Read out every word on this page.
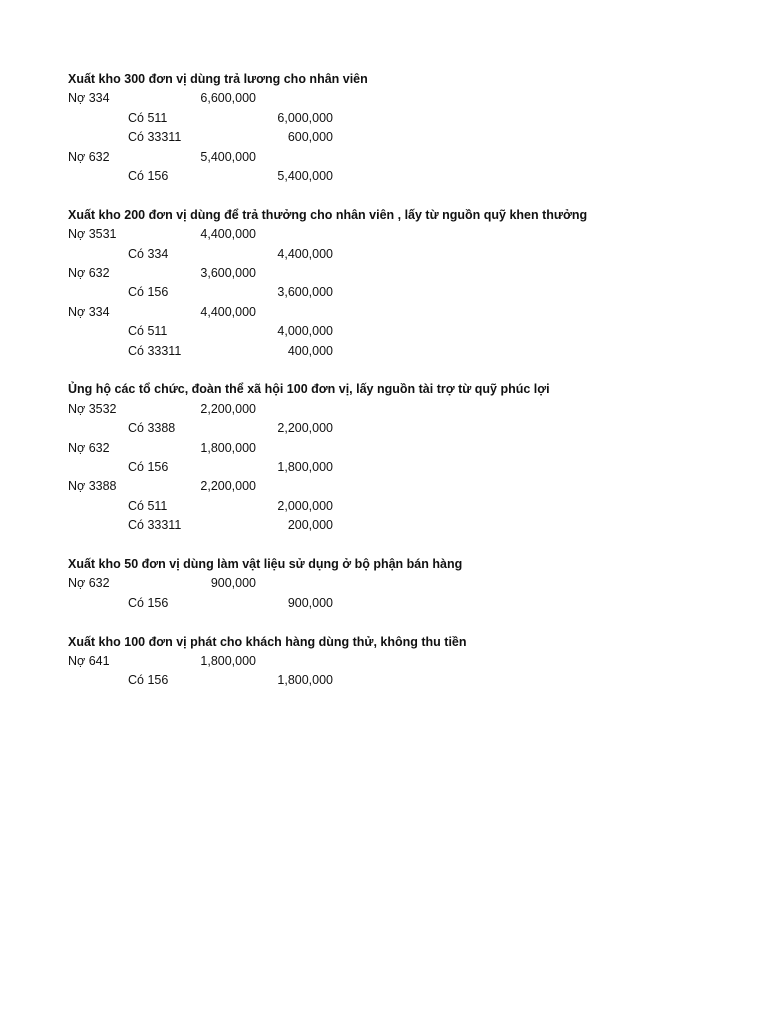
Xuất kho 300 đơn vị dùng trả lương cho nhân viên
Nợ 334	6,600,000
Có 511	6,000,000
Có 33311	600,000
Nợ 632	5,400,000
Có 156	5,400,000
Xuất kho 200 đơn vị dùng để trả thưởng cho nhân viên , lấy từ nguồn quỹ khen thưởng
Nợ 3531	4,400,000
Có 334	4,400,000
Nợ 632	3,600,000
Có 156	3,600,000
Nợ 334	4,400,000
Có 511	4,000,000
Có 33311	400,000
Ủng hộ các tổ chức, đoàn thể xã hội 100 đơn vị, lấy nguồn tài trợ từ quỹ phúc lợi
Nợ 3532	2,200,000
Có 3388	2,200,000
Nợ 632	1,800,000
Có 156	1,800,000
Nợ 3388	2,200,000
Có 511	2,000,000
Có 33311	200,000
Xuất kho 50 đơn vị dùng làm vật liệu sử dụng ở bộ phận bán hàng
Nợ 632	900,000
Có 156	900,000
Xuất kho 100 đơn vị phát cho khách hàng dùng thử, không thu tiền
Nợ 641	1,800,000
Có 156	1,800,000
